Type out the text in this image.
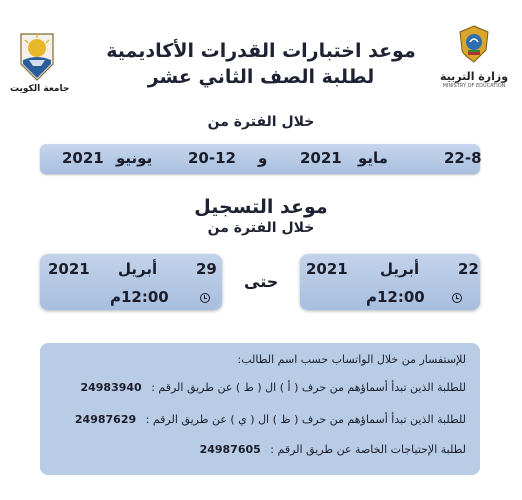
وزارة التربية
MINISTRY OF EDUCATION
جامعة الكويت
موعد اختبارات القدرات الأكاديمية
لطلبة الصف الثاني عشر
خلال الفترة من
22-8
مايو
2021
و
20-12
يونيو
2021
موعد التسجيل
خلال الفترة من
22
أبريل
2021
12:00م
حتى
29
أبريل
2021
12:00م
للإستفسار من خلال الواتساب حسب اسم الطالب:
للطلبة الذين تبدأ أسماؤهم من حرف ( أ ) ال ( ط ) عن طريق الرقم : 24983940
للطلبة الذين تبدأ أسماؤهم من حرف ( ظ ) ال ( ي ) عن طريق الرقم : 24987629
لطلبة الإحتياجات الخاصة عن طريق الرقم : 24987605
